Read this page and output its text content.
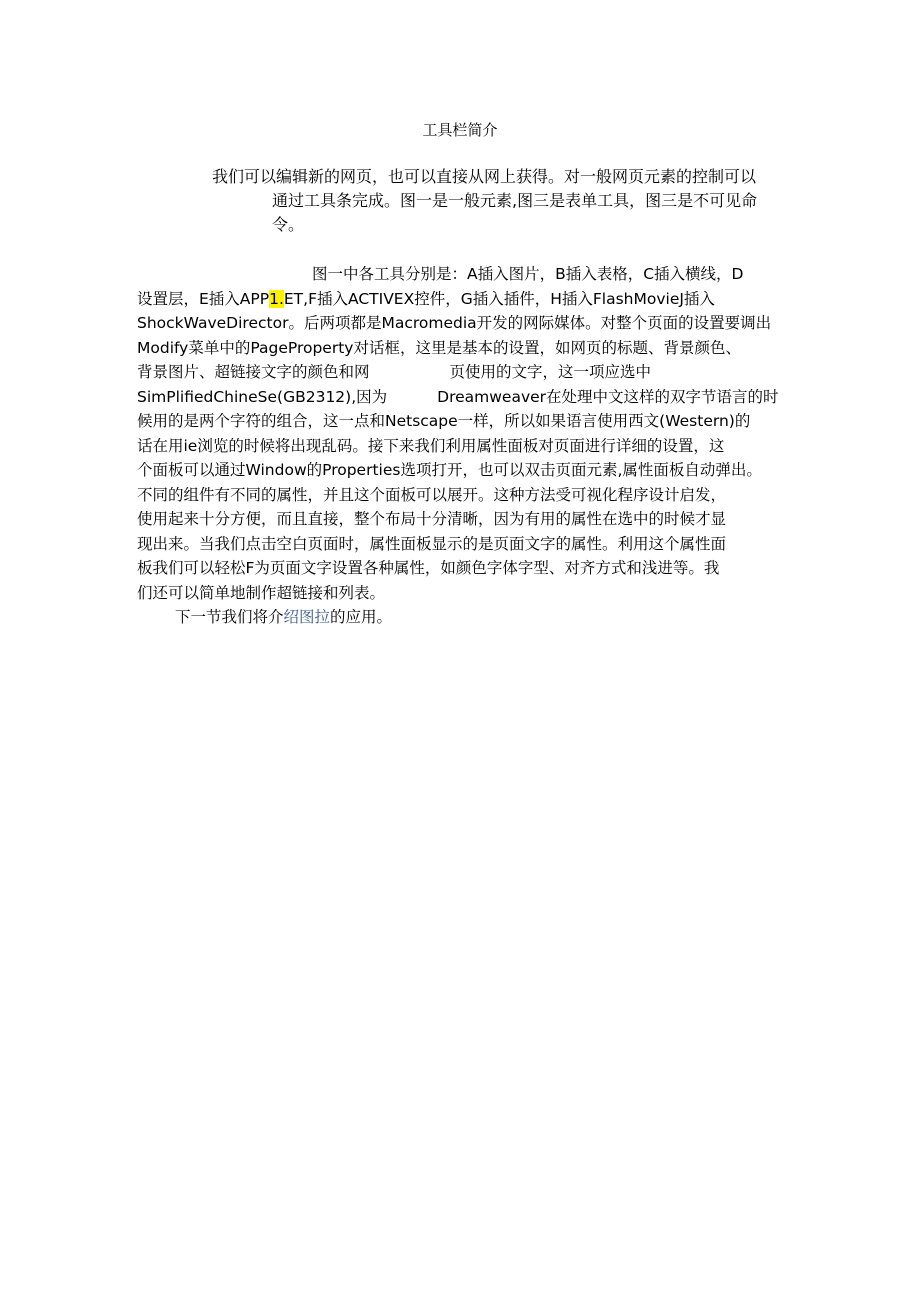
工具栏简介
我们可以编辑新的网页，也可以直接从网上获得。对一般网页元素的控制可以
通过工具条完成。图一是一般元素,图三是表单工具，图三是不可见命
令。
图一中各工具分别是：A插入图片，B插入表格，C插入横线，D
设置层，E插入APP1.ET,F插入ACTIVEX控件，G插入插件，H插入FlashMovieJ插入
ShockWaveDirector。后两项都是Macromedia开发的网际媒体。对整个页面的设置要调出
Modify菜单中的PageProperty对话框，这里是基本的设置，如网页的标题、背景颜色、
背景图片、超链接文字的颜色和网	页使用的文字，这一项应选中
SimPlifiedChineSe(GB2312),因为	Dreamweaver在处理中文这样的双字节语言的时
候用的是两个字符的组合，这一点和Netscape一样，所以如果语言使用西文(Western)的
话在用ie浏览的时候将出现乱码。接下来我们利用属性面板对页面进行详细的设置，这
个面板可以通过Window的Properties选项打开，也可以双击页面元素,属性面板自动弹出。
不同的组件有不同的属性，并且这个面板可以展开。这种方法受可视化程序设计启发，
使用起来十分方便，而且直接，整个布局十分清晰，因为有用的属性在选中的时候才显
现出来。当我们点击空白页面时，属性面板显示的是页面文字的属性。利用这个属性面
板我们可以轻松F为页面文字设置各种属性，如颜色字体字型、对齐方式和浅进等。我
们还可以简单地制作超链接和列表。
下一节我们将介绍图拉的应用。
